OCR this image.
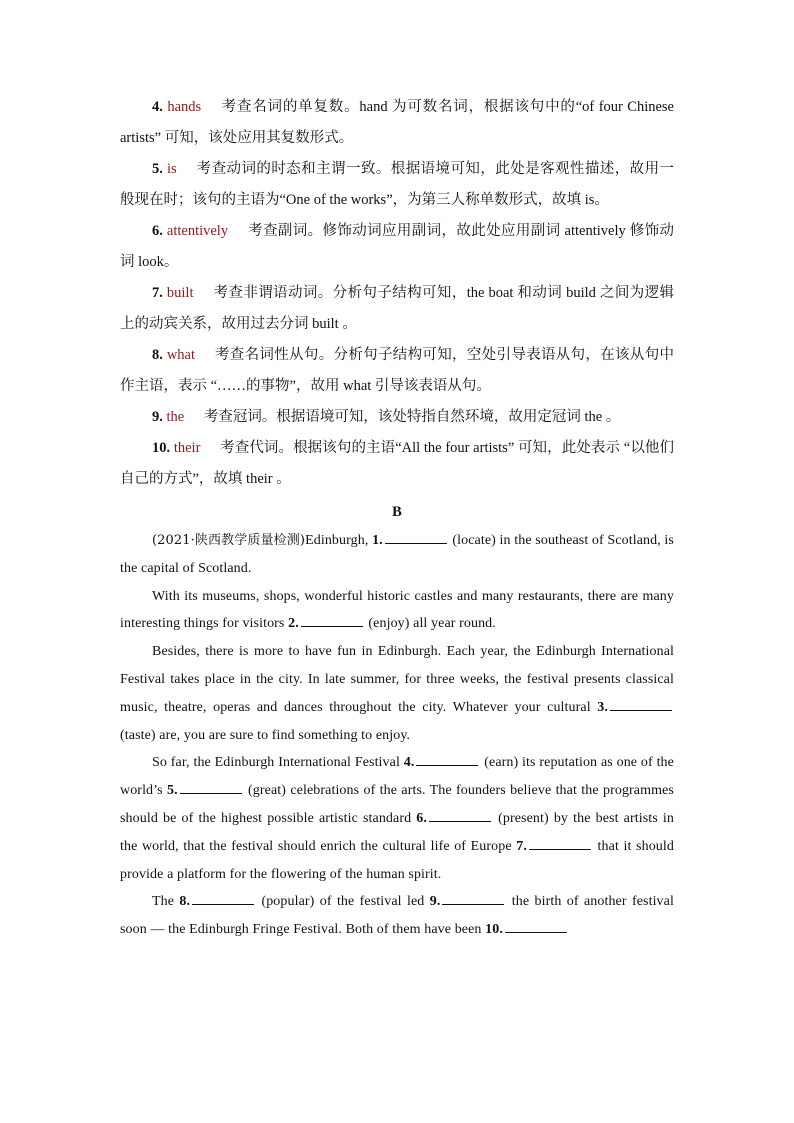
4. hands 考查名词的单复数。hand 为可数名词，根据该句中的“of four Chinese artists” 可知，该处应用其复数形式。

5. is 考查动词的时态和主谓一致。根据语境可知，此处是客观性描述，故用一般现在时；该句的主语为“One of the works”，为第三人称单数形式，故填 is。

6. attentively 考查副词。修饰动词应用副词，故此处应用副词 attentively 修饰动词 look。

7. built 考查非谓语动词。分析句子结构可知，the boat 和动词 build 之间为逻辑上的动宾关系，故用过去分词 built 。

8. what 考查名词性从句。分析句子结构可知，空处引导表语从句，在该从句中作主语，表示 “……的事物”，故用 what 引导该表语从句。

9. the 考查冠词。根据语境可知，该处特指自然环境，故用定冠词 the 。

10. their 考查代词。根据该句的主语“All the four artists” 可知，此处表示 “以他们自己的方式”，故填 their 。

B

(2021·陕西教学质量检测)Edinburgh, 1.	(locate) in the southeast of Scotland, is the capital of Scotland.

With its museums, shops, wonderful historic castles and many restaurants, there are many interesting things for visitors 2.	(enjoy) all year round.

Besides, there is more to have fun in Edinburgh. Each year, the Edinburgh International Festival takes place in the city. In late summer, for three weeks, the festival presents classical music, theatre, operas and dances throughout the city. Whatever your cultural 3. (taste) are, you are sure to find something to enjoy.

So far, the Edinburgh International Festival 4.	(earn) its reputation as one of the world’s 5.	(great) celebrations of the arts. The founders believe that the programmes should be of the highest possible artistic standard 6.	(present) by the best artists in the world, that the festival should enrich the cultural life of Europe 7.	that it should provide a platform for the flowering of the human spirit.

The 8.	(popular) of the festival led 9.	the birth of another festival soon — the Edinburgh Fringe Festival. Both of them have been 10.
